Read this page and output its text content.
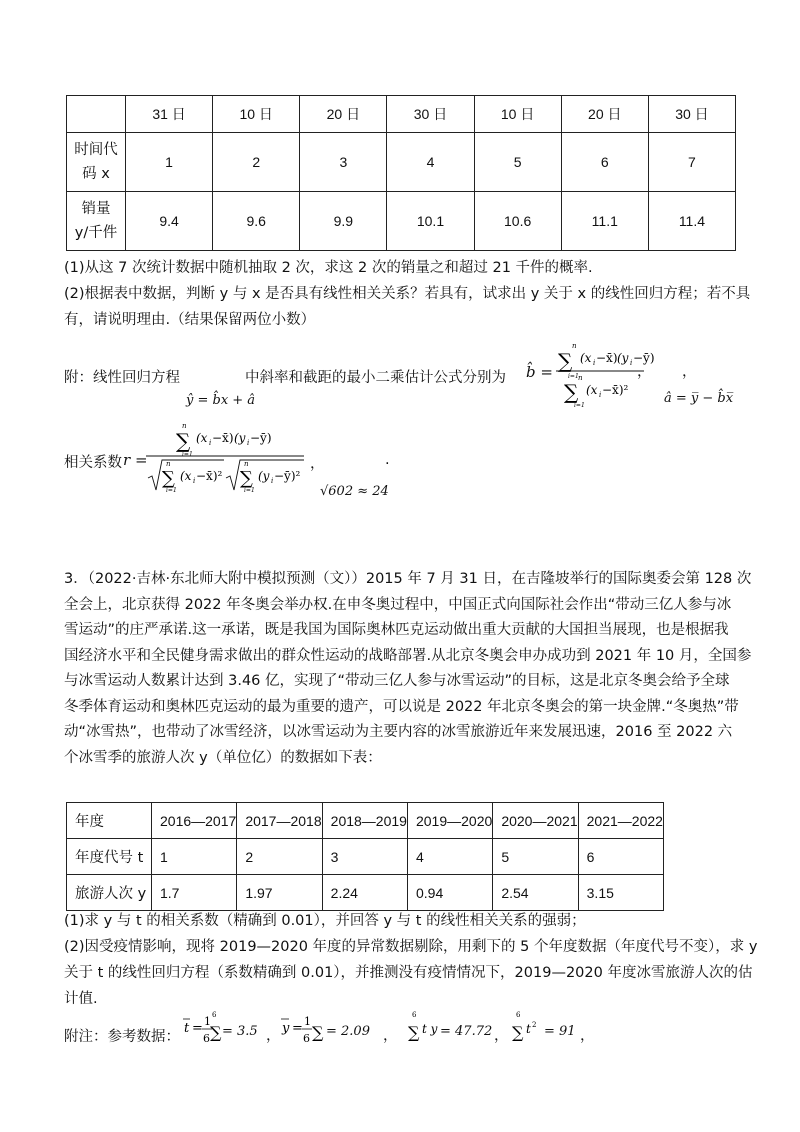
	31 日	10 日	20 日	30 日	10 日	20 日	30 日

时间代
码 x	1	2	3	4	5	6	7

销量
y/千件	9.4	9.6	9.9	10.1	10.6	11.1	11.4
(1)从这 7 次统计数据中随机抽取 2 次，求这 2 次的销量之和超过 21 千件的概率.
(2)根据表中数据，判断 y 与 x 是否具有线性相关关系？若具有，试求出 y 关于 x 的线性回归方程；若不具
有，请说明理由.（结果保留两位小数）
附：线性回归方程	中斜率和截距的最小二乘估计公式分别为
ŷ = b̂x + â
b̂ =
n
∑
i=1
(x i −x̄) (y i −ȳ)
n
∑
i=1
(x i −x̄)²
， ，
â = y̅ − b̂x̅
相关系数 r =
n
∑
i=1
(x i −x̄) (y i −ȳ)
n
∑
i=1
(x i −x̄)²
n
∑
i=1
(y i −ȳ)²
，	.
√602 ≈ 24
3．（2022·吉林·东北师大附中模拟预测（文））2015 年 7 月 31 日，在吉隆坡举行的国际奥委会第 128 次
全会上，北京获得 2022 年冬奥会举办权.在申冬奥过程中，中国正式向国际社会作出“带动三亿人参与冰
雪运动”的庄严承诺.这一承诺，既是我国为国际奥林匹克运动做出重大贡献的大国担当展现，也是根据我
国经济水平和全民健身需求做出的群众性运动的战略部署.从北京冬奥会申办成功到 2021 年 10 月，全国参
与冰雪运动人数累计达到 3.46 亿，实现了“带动三亿人参与冰雪运动”的目标，这是北京冬奥会给予全球
冬季体育运动和奥林匹克运动的最为重要的遗产，可以说是 2022 年北京冬奥会的第一块金牌.“冬奥热”带
动“冰雪热”，也带动了冰雪经济，以冰雪运动为主要内容的冰雪旅游近年来发展迅速，2016 至 2022 六
个冰雪季的旅游人次 y（单位亿）的数据如下表：
年度	2016—2017	2017—2018	2018—2019	2019—2020	2020—2021	2021—2022
年度代号 t	1	2	3	4	5	6
旅游人次 y	1.7	1.97	2.24	0.94	2.54	3.15
(1)求 y 与 t 的相关系数（精确到 0.01），并回答 y 与 t 的线性相关关系的强弱；
(2)因受疫情影响，现将 2019—2020 年度的异常数据剔除，用剩下的 5 个年度数据（年度代号不变），求 y
关于 t 的线性回归方程（系数精确到 0.01），并推测没有疫情情况下，2019—2020 年度冰雪旅游人次的估
计值.
附注：参考数据：
t = 1
6
6
∑ = 3.5 y = 1
6 ∑ = 2.09
6
∑ t y = 47.72
6
∑ t 2 = 91
，	，	，	，
